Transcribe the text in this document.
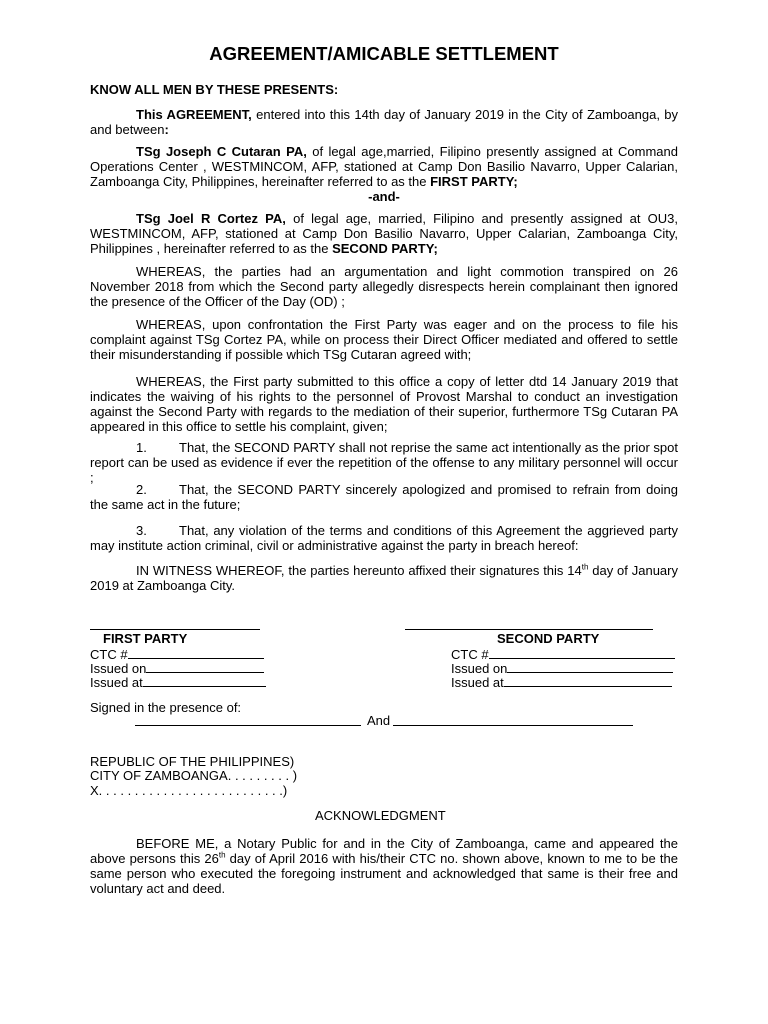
AGREEMENT/AMICABLE SETTLEMENT
KNOW ALL MEN BY THESE PRESENTS:
This AGREEMENT, entered into this 14th day of January 2019 in the City of Zamboanga, by and between:
TSg Joseph C Cutaran PA, of legal age,married, Filipino presently assigned at Command Operations Center , WESTMINCOM, AFP, stationed at Camp Don Basilio Navarro, Upper Calarian, Zamboanga City, Philippines, hereinafter referred to as the FIRST PARTY;
-and-
TSg Joel R Cortez PA, of legal age, married, Filipino and presently assigned at OU3, WESTMINCOM, AFP, stationed at Camp Don Basilio Navarro, Upper Calarian, Zamboanga City, Philippines , hereinafter referred to as the SECOND PARTY;
WHEREAS, the parties had an argumentation and light commotion transpired on 26 November 2018 from which the Second party allegedly disrespects herein complainant then ignored the presence of the Officer of the Day (OD) ;
WHEREAS, upon confrontation the First Party was eager and on the process to file his complaint against TSg Cortez PA, while on process their Direct Officer mediated and offered to settle their misunderstanding if possible which TSg Cutaran agreed with;
WHEREAS, the First party submitted to this office a copy of letter dtd 14 January 2019 that indicates the waiving of his rights to the personnel of Provost Marshal to conduct an investigation against the Second Party with regards to the mediation of their superior, furthermore TSg Cutaran PA appeared in this office to settle his complaint, given;
1. That, the SECOND PARTY shall not reprise the same act intentionally as the prior spot report can be used as evidence if ever the repetition of the offense to any military personnel will occur ;
2. That, the SECOND PARTY sincerely apologized and promised to refrain from doing the same act in the future;
3. That, any violation of the terms and conditions of this Agreement the aggrieved party may institute action criminal, civil or administrative against the party in breach hereof:
IN WITNESS WHEREOF, the parties hereunto affixed their signatures this 14th day of January 2019 at Zamboanga City.
FIRST PARTY
CTC #
Issued on
Issued at
SECOND PARTY
CTC #
Issued on
Issued at
Signed in the presence of:
And
REPUBLIC OF THE PHILIPPINES)
CITY OF ZAMBOANGA. . . . . . . . . )
X. . . . . . . . . . . . . . . . . . . . . . . . . .)
ACKNOWLEDGMENT
BEFORE ME, a Notary Public for and in the City of Zamboanga, came and appeared the above persons this 26th day of April 2016 with his/their CTC no. shown above, known to me to be the same person who executed the foregoing instrument and acknowledged that same is their free and voluntary act and deed.
